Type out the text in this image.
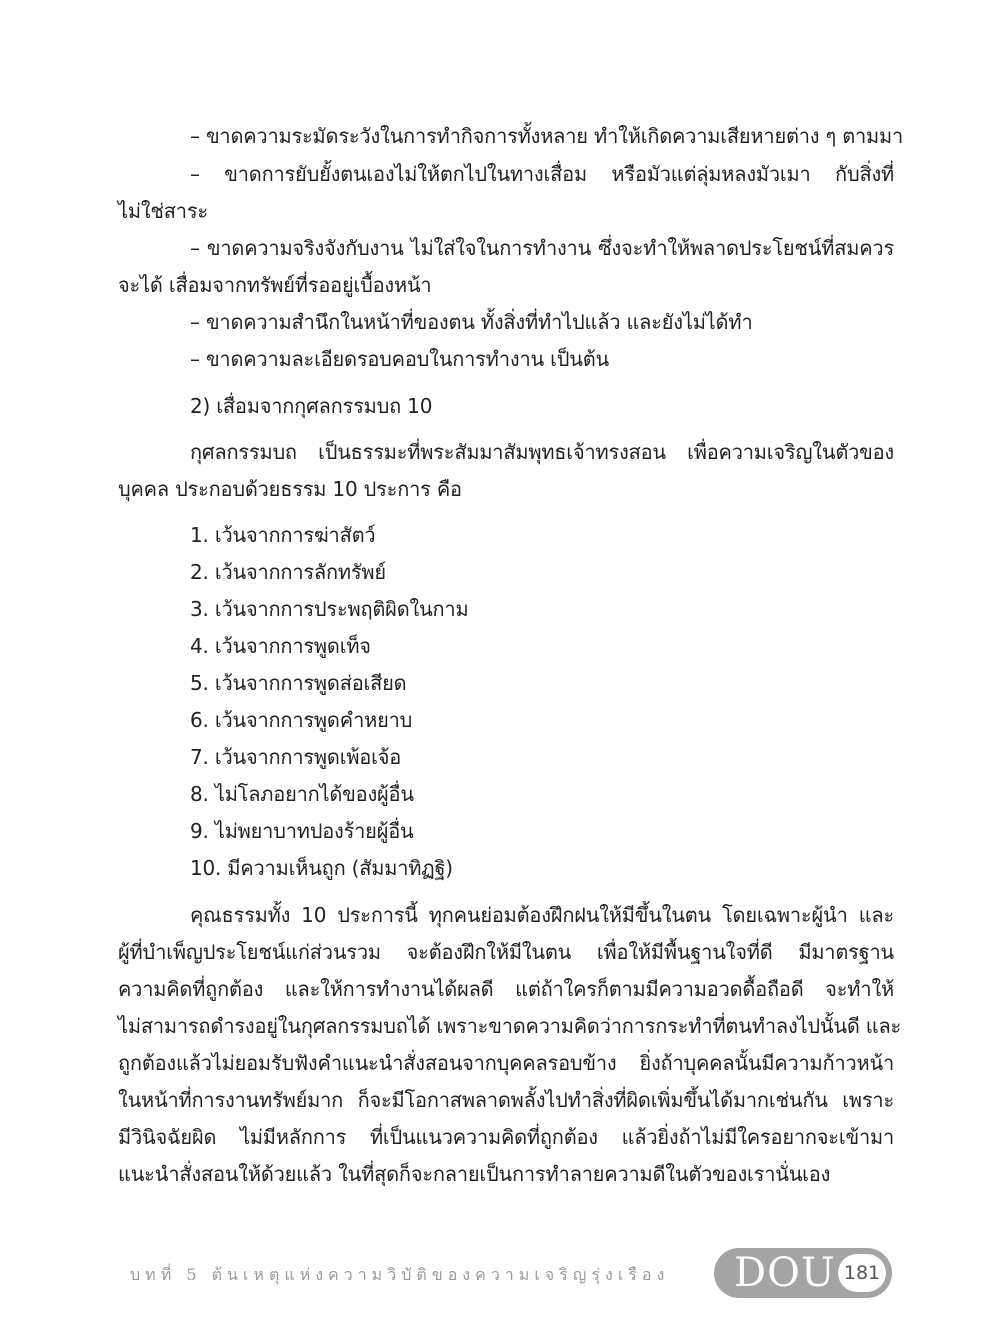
– ขาดความระมัดระวังในการทำกิจการทั้งหลาย ทำให้เกิดความเสียหายต่าง ๆ ตามมา
– ขาดการยับยั้งตนเองไม่ให้ตกไปในทางเสื่อม หรือมัวแต่ลุ่มหลงมัวเมา กับสิ่งที่
ไม่ใช่สาระ
– ขาดความจริงจังกับงาน ไม่ใส่ใจในการทำงาน ซึ่งจะทำให้พลาดประโยชน์ที่สมควร
จะได้ เสื่อมจากทรัพย์ที่รออยู่เบื้องหน้า
– ขาดความสำนึกในหน้าที่ของตน ทั้งสิ่งที่ทำไปแล้ว และยังไม่ได้ทำ
– ขาดความละเอียดรอบคอบในการทำงาน เป็นต้น
2) เสื่อมจากกุศลกรรมบถ 10
กุศลกรรมบถ เป็นธรรมะที่พระสัมมาสัมพุทธเจ้าทรงสอน เพื่อความเจริญในตัวของ
บุคคล ประกอบด้วยธรรม 10 ประการ คือ
1. เว้นจากการฆ่าสัตว์
2. เว้นจากการลักทรัพย์
3. เว้นจากการประพฤติผิดในกาม
4. เว้นจากการพูดเท็จ
5. เว้นจากการพูดส่อเสียด
6. เว้นจากการพูดคำหยาบ
7. เว้นจากการพูดเพ้อเจ้อ
8. ไม่โลภอยากได้ของผู้อื่น
9. ไม่พยาบาทปองร้ายผู้อื่น
10. มีความเห็นถูก (สัมมาทิฏฐิ)
คุณธรรมทั้ง 10 ประการนี้ ทุกคนย่อมต้องฝึกฝนให้มีขึ้นในตน โดยเฉพาะผู้นำ และ
ผู้ที่บำเพ็ญประโยชน์แก่ส่วนรวม จะต้องฝึกให้มีในตน เพื่อให้มีพื้นฐานใจที่ดี มีมาตรฐาน
ความคิดที่ถูกต้อง และให้การทำงานได้ผลดี แต่ถ้าใครก็ตามมีความอวดดื้อถือดี จะทำให้
ไม่สามารถดำรงอยู่ในกุศลกรรมบถได้ เพราะขาดความคิดว่าการกระทำที่ตนทำลงไปนั้นดี และ
ถูกต้องแล้วไม่ยอมรับฟังคำแนะนำสั่งสอนจากบุคคลรอบข้าง ยิ่งถ้าบุคคลนั้นมีความก้าวหน้า
ในหน้าที่การงานทรัพย์มาก ก็จะมีโอกาสพลาดพลั้งไปทำสิ่งที่ผิดเพิ่มขึ้นได้มากเช่นกัน เพราะ
มีวินิจฉัยผิด ไม่มีหลักการ ที่เป็นแนวความคิดที่ถูกต้อง แล้วยิ่งถ้าไม่มีใครอยากจะเข้ามา
แนะนำสั่งสอนให้ด้วยแล้ว ในที่สุดก็จะกลายเป็นการทำลายความดีในตัวของเรานั่นเอง
บทที่ 5 ต้นเหตุแห่งความวิบัติของความเจริญรุ่งเรือง DOU 181
